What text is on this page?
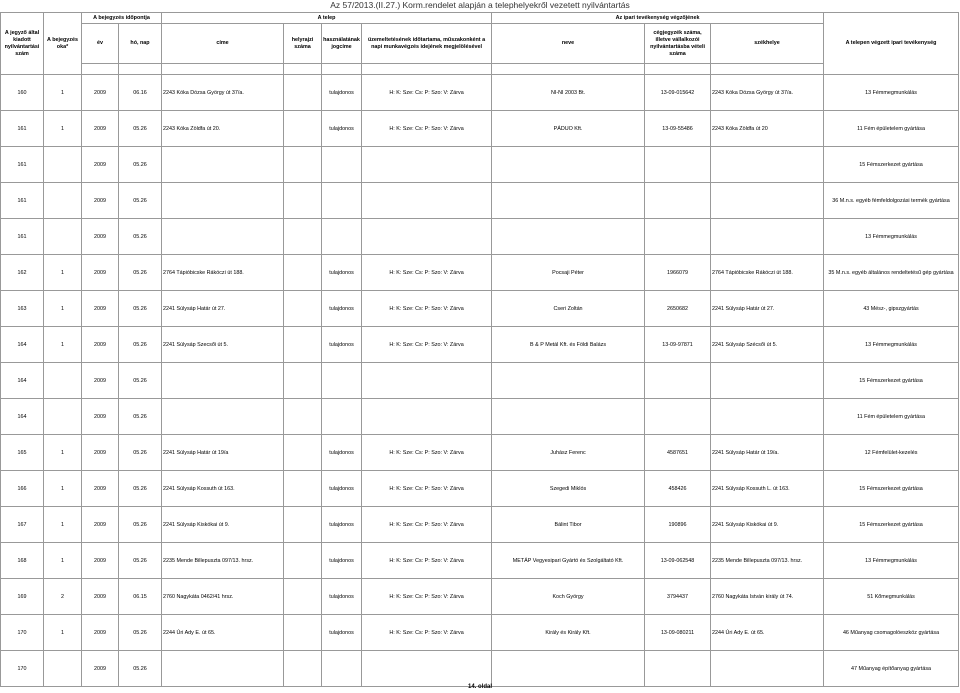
Az 57/2013.(II.27.) Korm.rendelet alapján a telephelyekről vezetett nyilvántartás
A jegyző által kiadott nyilvántartási szám	A bejegyzés oka*	A bejegyzés időpontja		A telep				Az ipari tevékenység végzőjének			A telepen végzett ipari tevékenység
		év	hó, nap	címe	helyrajzi száma	használatának jogcíme	üzemeltetésének időtartama, műszakonként a napi munkavégzés idejének megjelölésével	neve	cégjegyzék száma, illetve vállalkozói nyilvántartásba vételi száma	székhelye	

160	1	2009	06.16	2243 Kóka Dózsa György út 37/a.		tulajdonos	H: K: Sze: Cs: P: Szo: V: Zárva	NI-NI 2003 Bt.	13-09-015642	2243 Kóka Dózsa György út 37/a.	13 Fémmegmunkálás
161	1	2009	05.26	2243 Kóka Zöldfa út 20.		tulajdonos	H: K: Sze: Cs: P: Szo: V: Zárva	PÁDUO Kft.	13-09-55486	2243 Kóka Zöldfa út 20	11 Fém épületelem gyártása
161		2009	05.26								15 Fémszerkezet gyártása
161		2009	05.26								36 M.n.s. egyéb fémfeldolgozási termék gyártása
161		2009	05.26								13 Fémmegmunkálás
162	1	2009	05.26	2764 Tápióbicske Rákóczi út 188.		tulajdonos	H: K: Sze: Cs: P: Szo: V: Zárva	Pocsaji Péter	1966079	2764 Tápióbicske Rákóczi út 188.	35 M.n.s. egyéb általános rendeltetésű gép gyártása
163	1	2009	05.26	2241 Súlysáp Határ út 27.		tulajdonos	H: K: Sze: Cs: P: Szo: V: Zárva	Cseri Zoltán	2650682	2241 Súlysáp Határ út 27.	43 Mész-, gipszgyártás
164	1	2009	05.26	2241 Súlysáp Szecsői út 5.		tulajdonos	H: K: Sze: Cs: P: Szo: V: Zárva	B & P Metál Kft. és Földi Balázs	13-09-97871	2241 Súlysáp Szécsői út 5.	13 Fémmegmunkálás
164		2009	05.26								15 Fémszerkezet gyártása
164		2009	05.26								11 Fém épületelem gyártása
165	1	2009	05.26	2241 Súlysáp Határ út 19/a		tulajdonos	H: K: Sze: Cs: P: Szo: V: Zárva	Juhász Ferenc	4587651	2241 Súlysáp Határ út 19/a.	12 Fémfelület-kezelés
166	1	2009	05.26	2241 Súlysáp Kossuth út 163.		tulajdonos	H: K: Sze: Cs: P: Szo: V: Zárva	Szegedi Miklós	458426	2241 Súlysáp Kossuth L. út 163.	15 Fémszerkezet gyártása
167	1	2009	05.26	2241 Súlysáp Kiskókai út 9.		tulajdonos	H: K: Sze: Cs: P: Szo: V: Zárva	Bálint Tibor	190896	2241 Súlysáp Kiskókai út 9.	15 Fémszerkezet gyártása
168	1	2009	05.26	2235 Mende Billepuszta 097/13. hrsz.		tulajdonos	H: K: Sze: Cs: P: Szo: V: Zárva	METÁP Vegyesipari Gyártó és Szolgáltató Kft.	13-09-062548	2235 Mende Billepuszta 097/13. hrsz.	13 Fémmegmunkálás
169	2	2009	06.15	2760 Nagykáta 0462/41 hrsz.		tulajdonos	H: K: Sze: Cs: P: Szo: V: Zárva	Koch György	3794437	2760 Nagykáta István király út 74.	51 Kőmegmunkálás
170	1	2009	05.26	2244 Úri Ady E. út 65.		tulajdonos	H: K: Sze: Cs: P: Szo: V: Zárva	Király és Király Kft.	13-09-080211	2244 Úri Ady E. út 65.	46 Műanyag csomagolóeszköz gyártása
170		2009	05.26								47 Műanyag építőanyag gyártása
14. oldal
